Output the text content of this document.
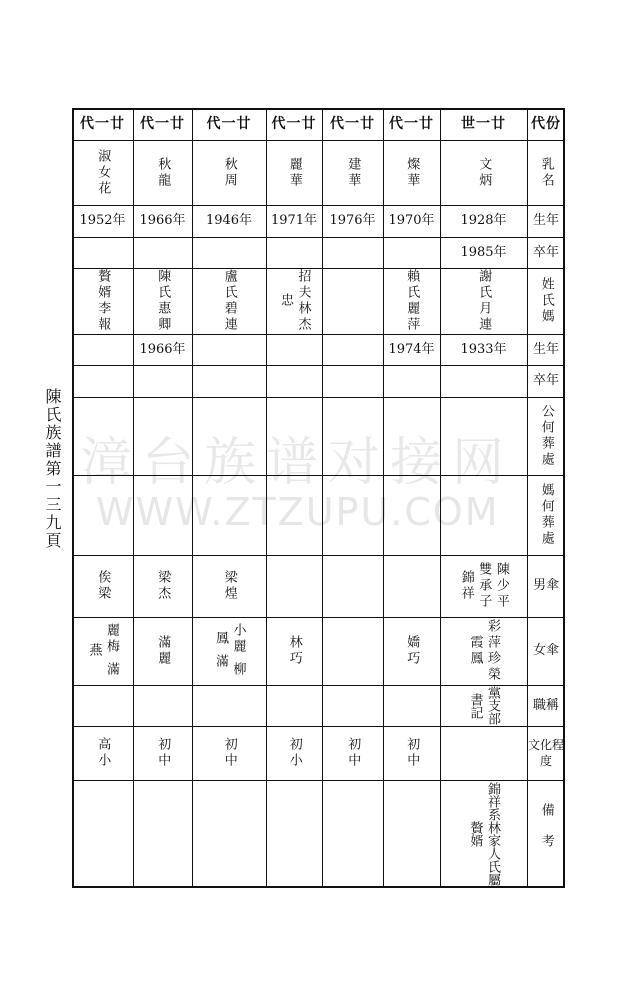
陳氏族譜第一三九頁 漳台族谱对接网
WWW.ZTZUPU.COM
代份
乳名
生年
卒年
姓氏媽
生年
卒年
公何葬處
媽何葬處
男傘
女傘
職稱
文化程度
備考
世一廿
文炳
1928年
1985年
謝氏月連
1933年
陳少平 雙承子 錦祥
彩萍珍榮霞鳳
黨支部書記
錦祥系林家人氏屬贅婿
代一廿
燦華
1970年
賴氏麗萍
1974年
嬌巧
初中
代一廿
建華
1976年
初中
代一廿
麗華
1971年
招夫林杰忠
林巧
初小
代一廿
秋周
1946年
盧氏碧連
梁煌
小麗 柳鳳 滿
初中
代一廿
秋龍
1966年
陳氏惠卿
1966年
梁杰
滿麗
初中
代一廿
淑女花
1952年
贅婿李報
俟梁
麗梅 滿燕
高小
